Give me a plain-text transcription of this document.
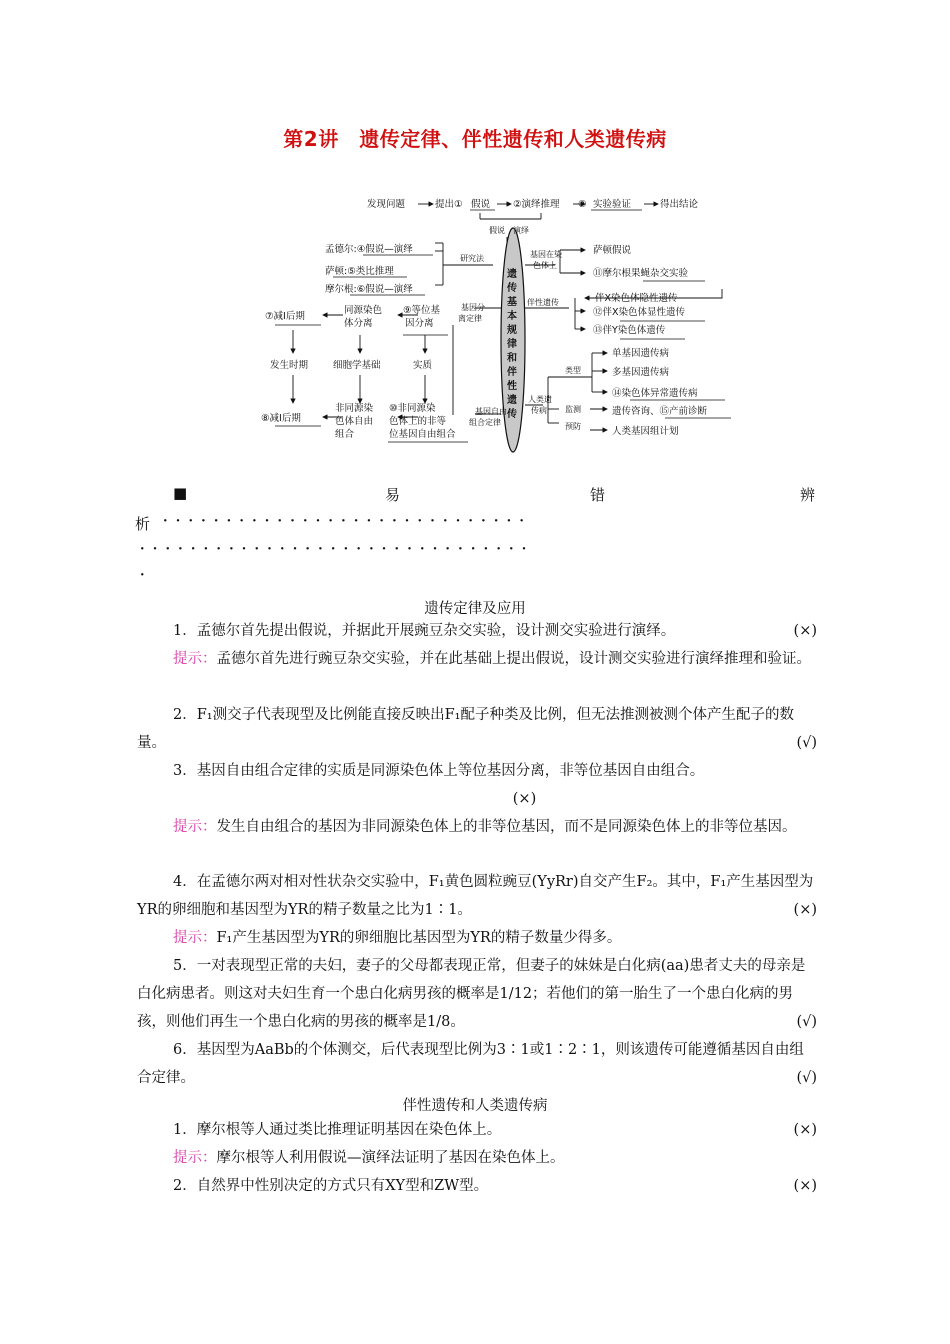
第2讲　遗传定律、伴性遗传和人类遗传病
发现问题	提出① 假说 ②演绎推理 ③ 实验验证	得出结论
假说　演绎
研究法
孟德尔:④假说—演绎
萨顿:⑤类比推理
摩尔根:⑥假说—演绎
遗传基本规律和伴性遗传
基因在染色体上
萨顿假说
⑪摩尔根果蝇杂交实验
伴性遗传	伴X染色体隐性遗传
⑫伴X染色体显性遗传
⑬伴Y染色体遗传
基因分离定律
⑨等位基因分离
同源染色体分离
⑦减Ⅰ后期
发生时期	细胞学基础	实质
⑧减Ⅰ后期
非同源染色体自由组合
⑩非同源染色体上的非等位基因自由组合
基因自由组合定律
人类遗传病
类型
单基因遗传病
多基因遗传病
⑭染色体异常遗传病
监测	遗传咨询、⑮产前诊断
预防	人类基因组计划
■	易	错	辨
析 ·····························
·······························
·
遗传定律及应用
1．孟德尔首先提出假说，并据此开展豌豆杂交实验，设计测交实验进行演绎。	(×)
提示：孟德尔首先进行豌豆杂交实验，并在此基础上提出假说，设计测交实验进行演绎推理和验证。
2．F₁测交子代表现型及比例能直接反映出F₁配子种类及比例，但无法推测被测个体产生配子的数量。	(√)
3．基因自由组合定律的实质是同源染色体上等位基因分离，非等位基因自由组合。
(×)
提示：发生自由组合的基因为非同源染色体上的非等位基因，而不是同源染色体上的非等位基因。
4．在孟德尔两对相对性状杂交实验中，F₁黄色圆粒豌豆(YyRr)自交产生F₂。其中，F₁产生基因型为YR的卵细胞和基因型为YR的精子数量之比为1∶1。	(×)
提示：F₁产生基因型为YR的卵细胞比基因型为YR的精子数量少得多。
5．一对表现型正常的夫妇，妻子的父母都表现正常，但妻子的妹妹是白化病(aa)患者丈夫的母亲是白化病患者。则这对夫妇生育一个患白化病男孩的概率是1/12；若他们的第一胎生了一个患白化病的男孩，则他们再生一个患白化病的男孩的概率是1/8。	(√)
6．基因型为AaBb的个体测交，后代表现型比例为3∶1或1∶2∶1，则该遗传可能遵循基因自由组合定律。	(√)
伴性遗传和人类遗传病
1．摩尔根等人通过类比推理证明基因在染色体上。	(×)
提示：摩尔根等人利用假说—演绎法证明了基因在染色体上。
2．自然界中性别决定的方式只有XY型和ZW型。	(×)
